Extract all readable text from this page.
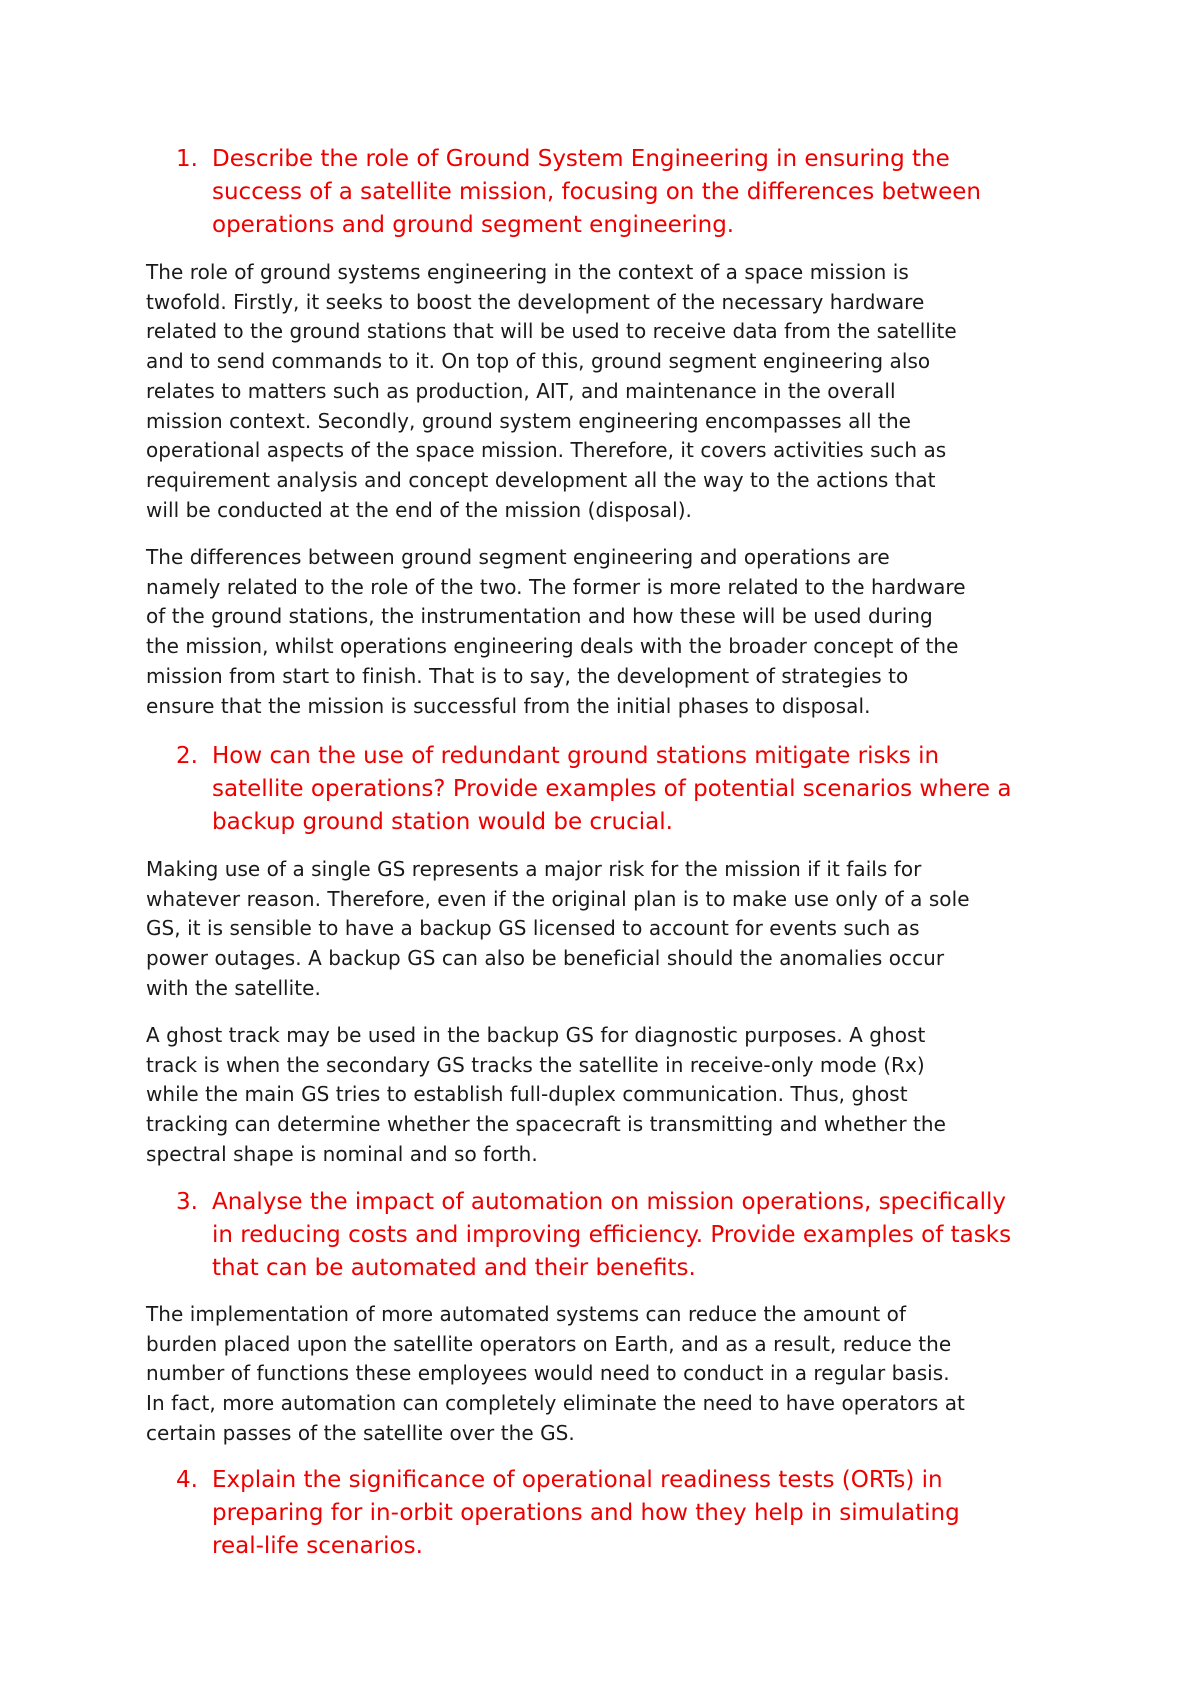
1. Describe the role of Ground System Engineering in ensuring the
success of a satellite mission, focusing on the differences between
operations and ground segment engineering.

The role of ground systems engineering in the context of a space mission is
twofold. Firstly, it seeks to boost the development of the necessary hardware
related to the ground stations that will be used to receive data from the satellite
and to send commands to it. On top of this, ground segment engineering also
relates to matters such as production, AIT, and maintenance in the overall
mission context. Secondly, ground system engineering encompasses all the
operational aspects of the space mission. Therefore, it covers activities such as
requirement analysis and concept development all the way to the actions that
will be conducted at the end of the mission (disposal).

The differences between ground segment engineering and operations are
namely related to the role of the two. The former is more related to the hardware
of the ground stations, the instrumentation and how these will be used during
the mission, whilst operations engineering deals with the broader concept of the
mission from start to finish. That is to say, the development of strategies to
ensure that the mission is successful from the initial phases to disposal.

2. How can the use of redundant ground stations mitigate risks in
satellite operations? Provide examples of potential scenarios where a
backup ground station would be crucial.

Making use of a single GS represents a major risk for the mission if it fails for
whatever reason. Therefore, even if the original plan is to make use only of a sole
GS, it is sensible to have a backup GS licensed to account for events such as
power outages. A backup GS can also be beneficial should the anomalies occur
with the satellite.

A ghost track may be used in the backup GS for diagnostic purposes. A ghost
track is when the secondary GS tracks the satellite in receive-only mode (Rx)
while the main GS tries to establish full-duplex communication. Thus, ghost
tracking can determine whether the spacecraft is transmitting and whether the
spectral shape is nominal and so forth.

3. Analyse the impact of automation on mission operations, specifically
in reducing costs and improving efficiency. Provide examples of tasks
that can be automated and their benefits.

The implementation of more automated systems can reduce the amount of
burden placed upon the satellite operators on Earth, and as a result, reduce the
number of functions these employees would need to conduct in a regular basis.
In fact, more automation can completely eliminate the need to have operators at
certain passes of the satellite over the GS.

4. Explain the significance of operational readiness tests (ORTs) in
preparing for in-orbit operations and how they help in simulating
real-life scenarios.
